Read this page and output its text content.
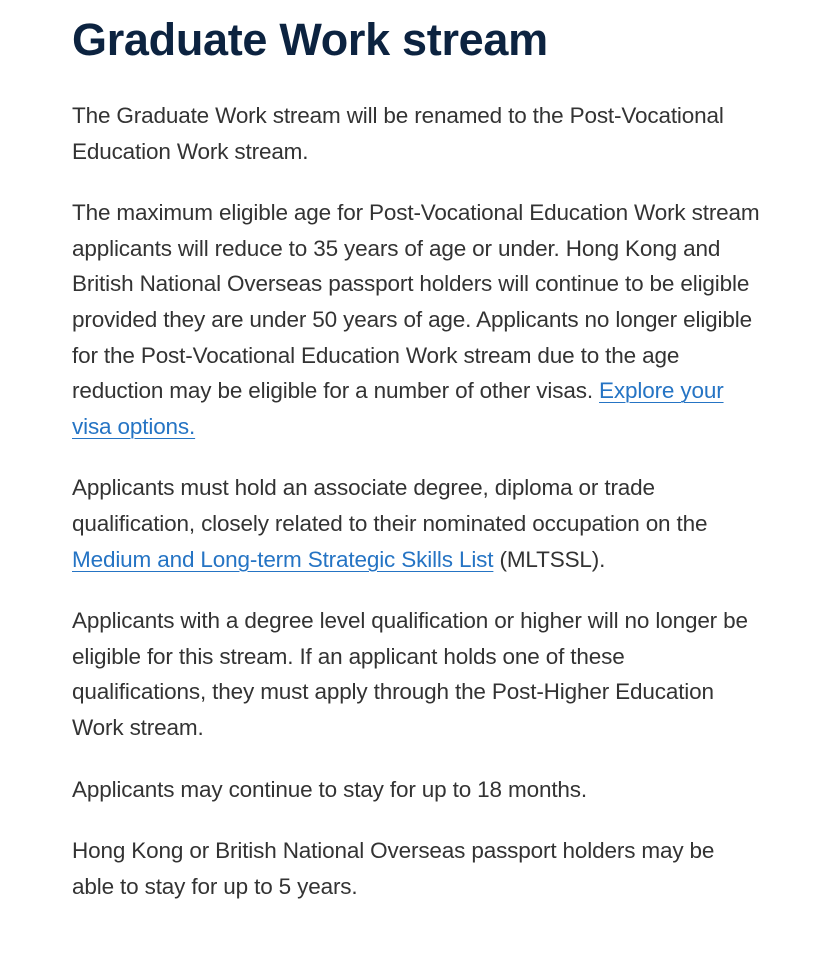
Graduate Work stream

The Graduate Work stream will be renamed to the Post-Vocational Education Work stream.

The maximum eligible age for Post-Vocational Education Work stream applicants will reduce to 35 years of age or under. Hong Kong and British National Overseas passport holders will continue to be eligible provided they are under 50 years of age. Applicants no longer eligible for the Post-Vocational Education Work stream due to the age reduction may be eligible for a number of other visas. Explore your visa options.

Applicants must hold an associate degree, diploma or trade qualification, closely related to their nominated occupation on the Medium and Long-term Strategic Skills List (MLTSSL).

Applicants with a degree level qualification or higher will no longer be eligible for this stream. If an applicant holds one of these qualifications, they must apply through the Post-Higher Education Work stream.

Applicants may continue to stay for up to 18 months.

Hong Kong or British National Overseas passport holders may be able to stay for up to 5 years.
